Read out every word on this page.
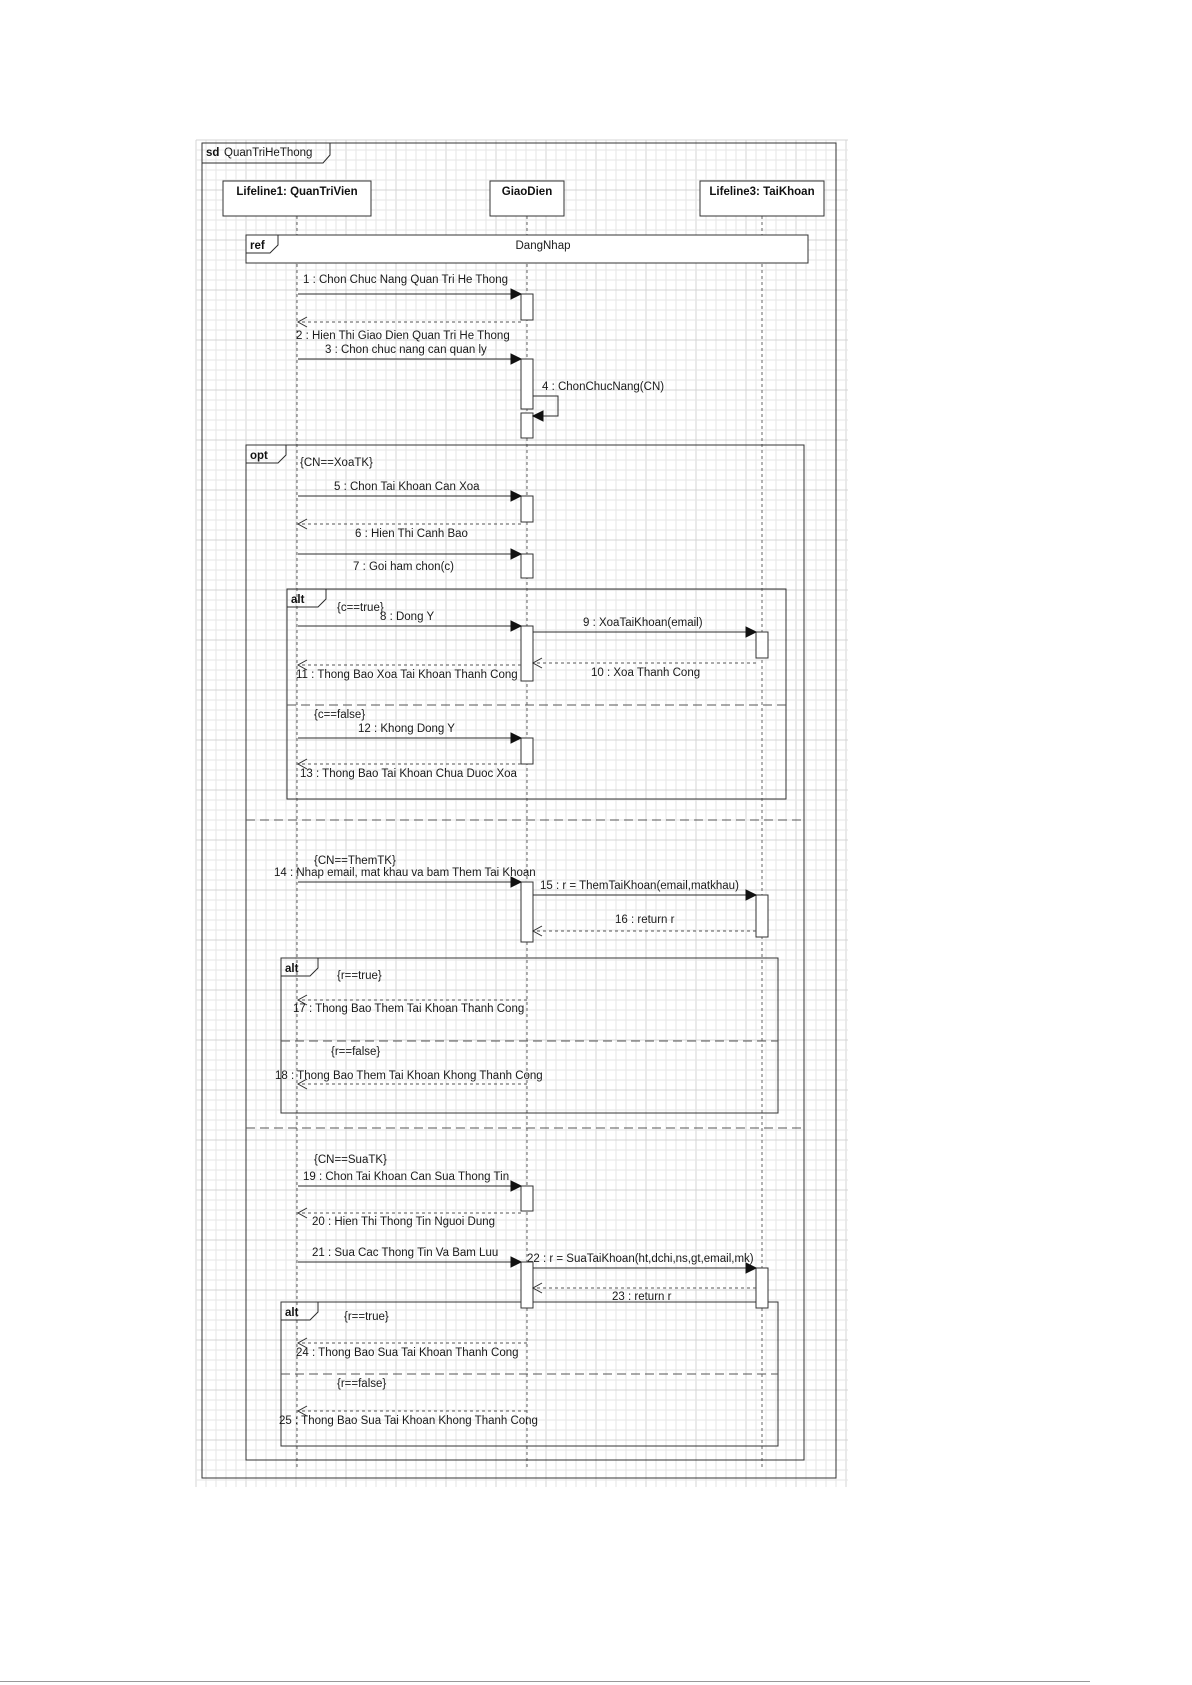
sd QuanTriHeThong
Lifeline1: QuanTriVien	GiaoDien	Lifeline3: TaiKhoan
ref	DangNhap
opt
{CN==XoaTK}
{CN==ThemTK}
{CN==SuaTK}
alt
{c==true}
{c==false}
alt
{r==true}
{r==false}
alt	{r==true}
{r==false}
1 : Chon Chuc Nang Quan Tri He Thong
2 : Hien Thi Giao Dien Quan Tri He Thong
3 : Chon chuc nang can quan ly
4 : ChonChucNang(CN)
5 : Chon Tai Khoan Can Xoa
6 : Hien Thi Canh Bao
7 : Goi ham chon(c)
8 : Dong Y	9 : XoaTaiKhoan(email)
10 : Xoa Thanh Cong
11 : Thong Bao Xoa Tai Khoan Thanh Cong
12 : Khong Dong Y
13 : Thong Bao Tai Khoan Chua Duoc Xoa
14 : Nhap email, mat khau va bam Them Tai Khoan
15 : r = ThemTaiKhoan(email,matkhau)
16 : return r
17 : Thong Bao Them Tai Khoan Thanh Cong
18 : Thong Bao Them Tai Khoan Khong Thanh Cong
19 : Chon Tai Khoan Can Sua Thong Tin
20 : Hien Thi Thong Tin Nguoi Dung
21 : Sua Cac Thong Tin Va Bam Luu	22 : r = SuaTaiKhoan(ht,dchi,ns,gt,email,mk)
23 : return r
24 : Thong Bao Sua Tai Khoan Thanh Cong
25 : Thong Bao Sua Tai Khoan Khong Thanh Cong
